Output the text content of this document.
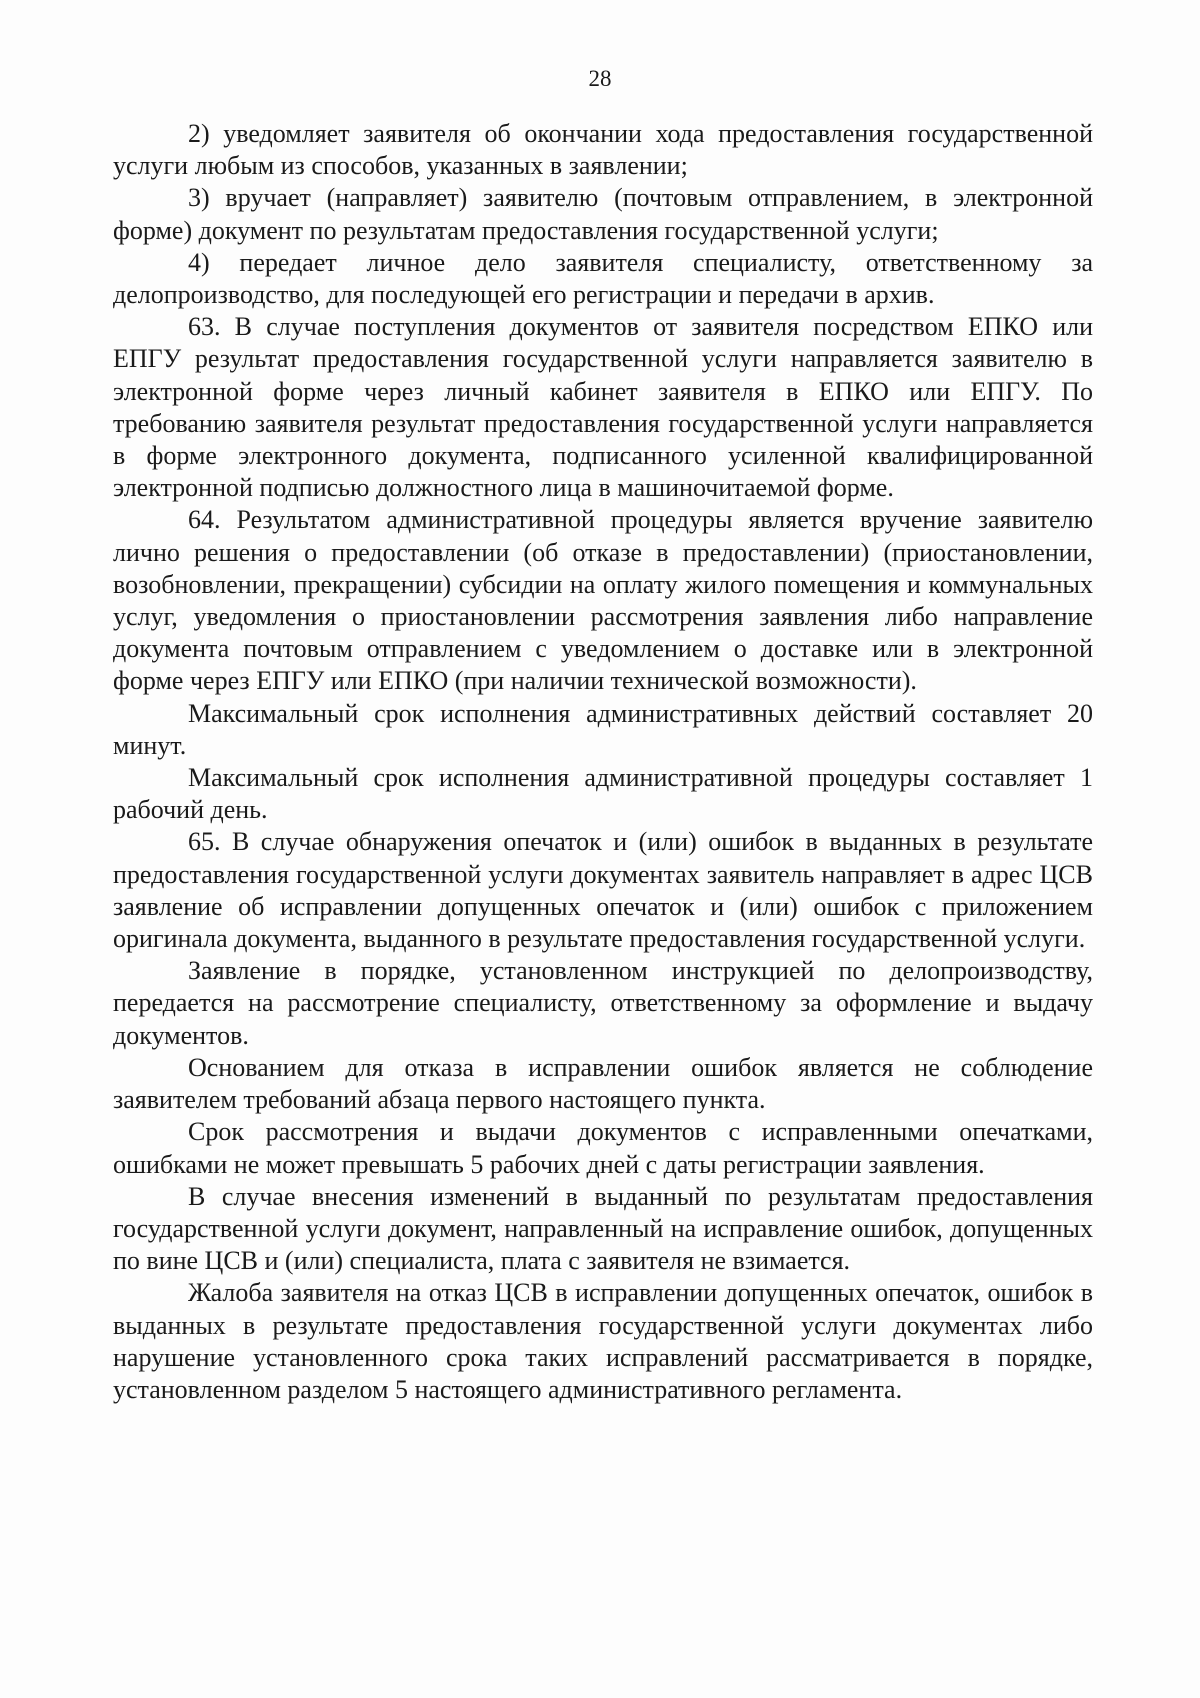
28

2) уведомляет заявителя об окончании хода предоставления государственной услуги любым из способов, указанных в заявлении;

3) вручает (направляет) заявителю (почтовым отправлением, в электронной форме) документ по результатам предоставления государственной услуги;

4) передает личное дело заявителя специалисту, ответственному за делопроизводство, для последующей его регистрации и передачи в архив.

63. В случае поступления документов от заявителя посредством ЕПКО или ЕПГУ результат предоставления государственной услуги направляется заявителю в электронной форме через личный кабинет заявителя в ЕПКО или ЕПГУ. По требованию заявителя результат предоставления государственной услуги направляется в форме электронного документа, подписанного усиленной квалифицированной электронной подписью должностного лица в машиночитаемой форме.

64. Результатом административной процедуры является вручение заявителю лично решения о предоставлении (об отказе в предоставлении) (приостановлении, возобновлении, прекращении) субсидии на оплату жилого помещения и коммунальных услуг, уведомления о приостановлении рассмотрения заявления либо направление документа почтовым отправлением с уведомлением о доставке или в электронной форме через ЕПГУ или ЕПКО (при наличии технической возможности).

Максимальный срок исполнения административных действий составляет 20 минут.

Максимальный срок исполнения административной процедуры составляет 1 рабочий день.

65. В случае обнаружения опечаток и (или) ошибок в выданных в результате предоставления государственной услуги документах заявитель направляет в адрес ЦСВ заявление об исправлении допущенных опечаток и (или) ошибок с приложением оригинала документа, выданного в результате предоставления государственной услуги.

Заявление в порядке, установленном инструкцией по делопроизводству, передается на рассмотрение специалисту, ответственному за оформление и выдачу документов.

Основанием для отказа в исправлении ошибок является не соблюдение заявителем требований абзаца первого настоящего пункта.

Срок рассмотрения и выдачи документов с исправленными опечатками, ошибками не может превышать 5 рабочих дней с даты регистрации заявления.

В случае внесения изменений в выданный по результатам предоставления государственной услуги документ, направленный на исправление ошибок, допущенных по вине ЦСВ и (или) специалиста, плата с заявителя не взимается.

Жалоба заявителя на отказ ЦСВ в исправлении допущенных опечаток, ошибок в выданных в результате предоставления государственной услуги документах либо нарушение установленного срока таких исправлений рассматривается в порядке, установленном разделом 5 настоящего административного регламента.
